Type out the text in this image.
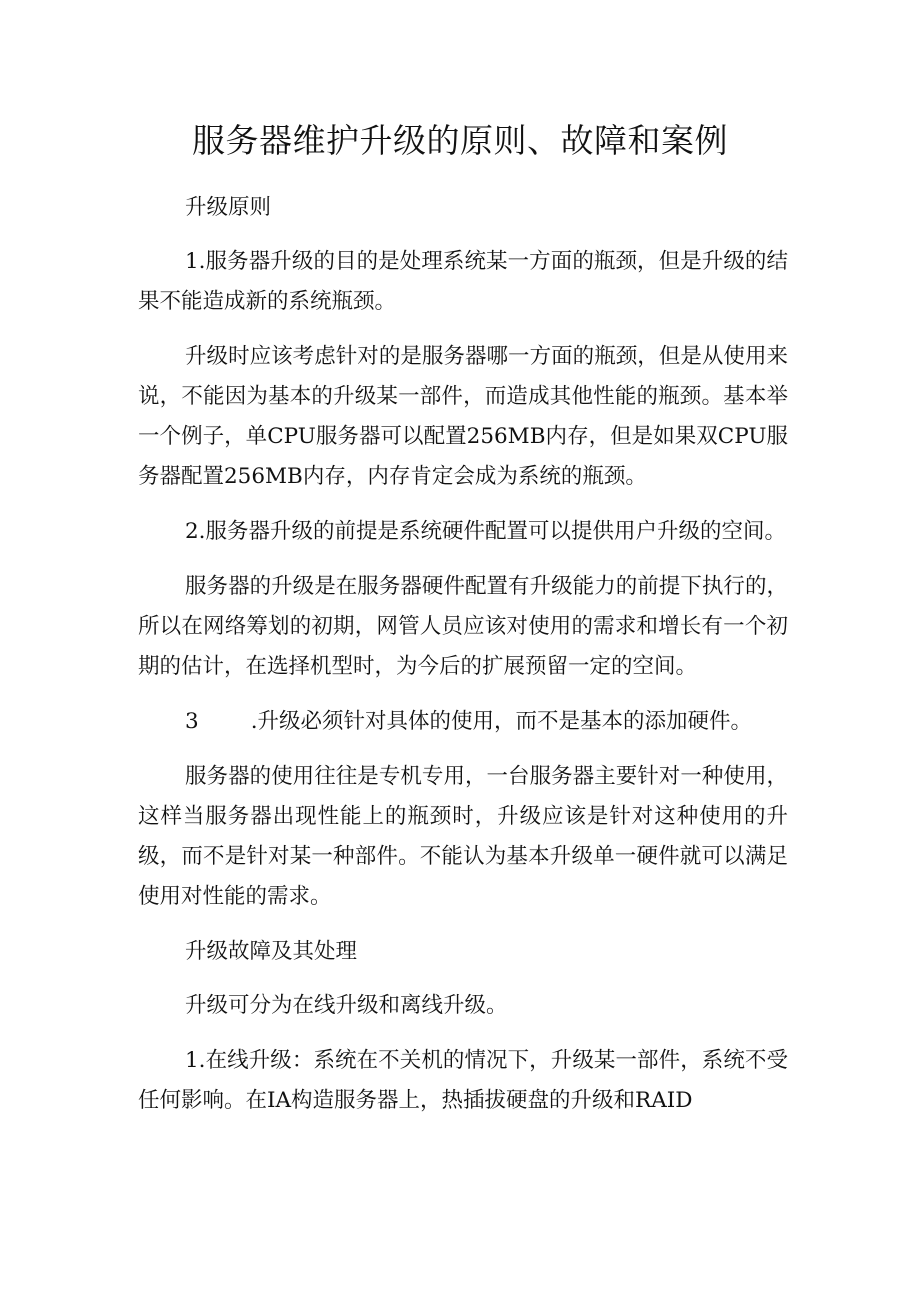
服务器维护升级的原则、故障和案例

升级原则

1.服务器升级的目的是处理系统某一方面的瓶颈，但是升级的结果不能造成新的系统瓶颈。

升级时应该考虑针对的是服务器哪一方面的瓶颈，但是从使用来说，不能因为基本的升级某一部件，而造成其他性能的瓶颈。基本举一个例子，单CPU服务器可以配置256MB内存，但是如果双CPU服务器配置256MB内存，内存肯定会成为系统的瓶颈。

2.服务器升级的前提是系统硬件配置可以提供用户升级的空间。

服务器的升级是在服务器硬件配置有升级能力的前提下执行的，所以在网络筹划的初期，网管人员应该对使用的需求和增长有一个初期的估计，在选择机型时，为今后的扩展预留一定的空间。

3 .升级必须针对具体的使用，而不是基本的添加硬件。

服务器的使用往往是专机专用，一台服务器主要针对一种使用，这样当服务器出现性能上的瓶颈时，升级应该是针对这种使用的升级，而不是针对某一种部件。不能认为基本升级单一硬件就可以满足使用对性能的需求。

升级故障及其处理

升级可分为在线升级和离线升级。

1.在线升级：系统在不关机的情况下，升级某一部件，系统不受任何影响。在IA构造服务器上，热插拔硬盘的升级和RAID
